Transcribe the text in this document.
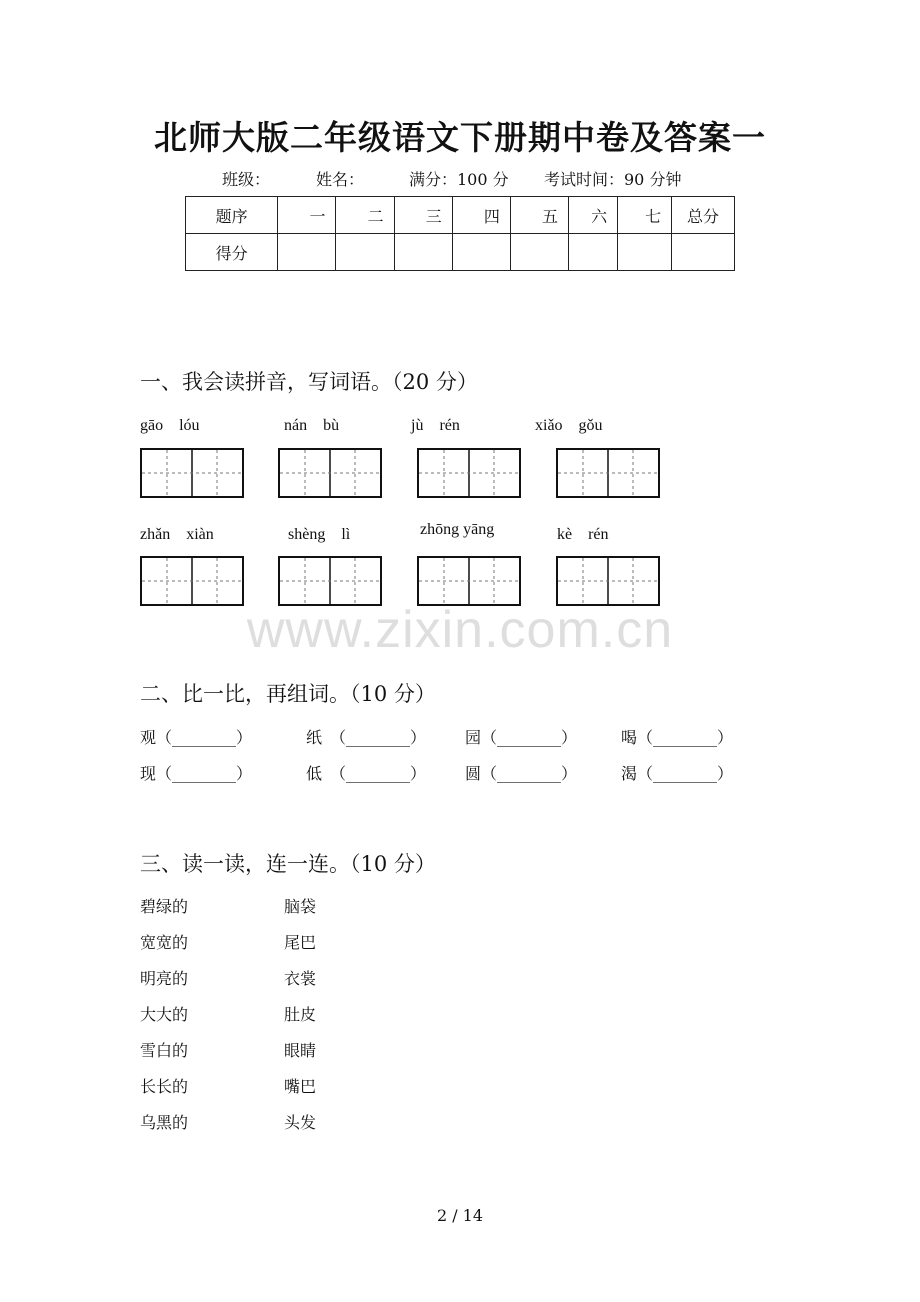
北师大版二年级语文下册期中卷及答案一
班级：	姓名：	满分：100 分 考试时间：90 分钟
题序	一	二	三	四	五	六	七	总分
得分								
一、我会读拼音，写词语。（20 分）
gāo　lóu	nán　bù	jù　rén	xiǎo　gǒu
zhǎn　xiàn	shèng　lì	zhōng yāng	kè　rén
www.zixin.com.cn
二、比一比，再组词。（10 分）
观（________）	纸　（________） 园（________）	喝（________）
现（________）	低　（________） 圆（________）	渴（________）
三、读一读，连一连。（10 分）
碧绿的	脑袋
宽宽的	尾巴
明亮的	衣裳
大大的	肚皮
雪白的	眼睛
长长的	嘴巴
乌黑的	头发
2 / 14
